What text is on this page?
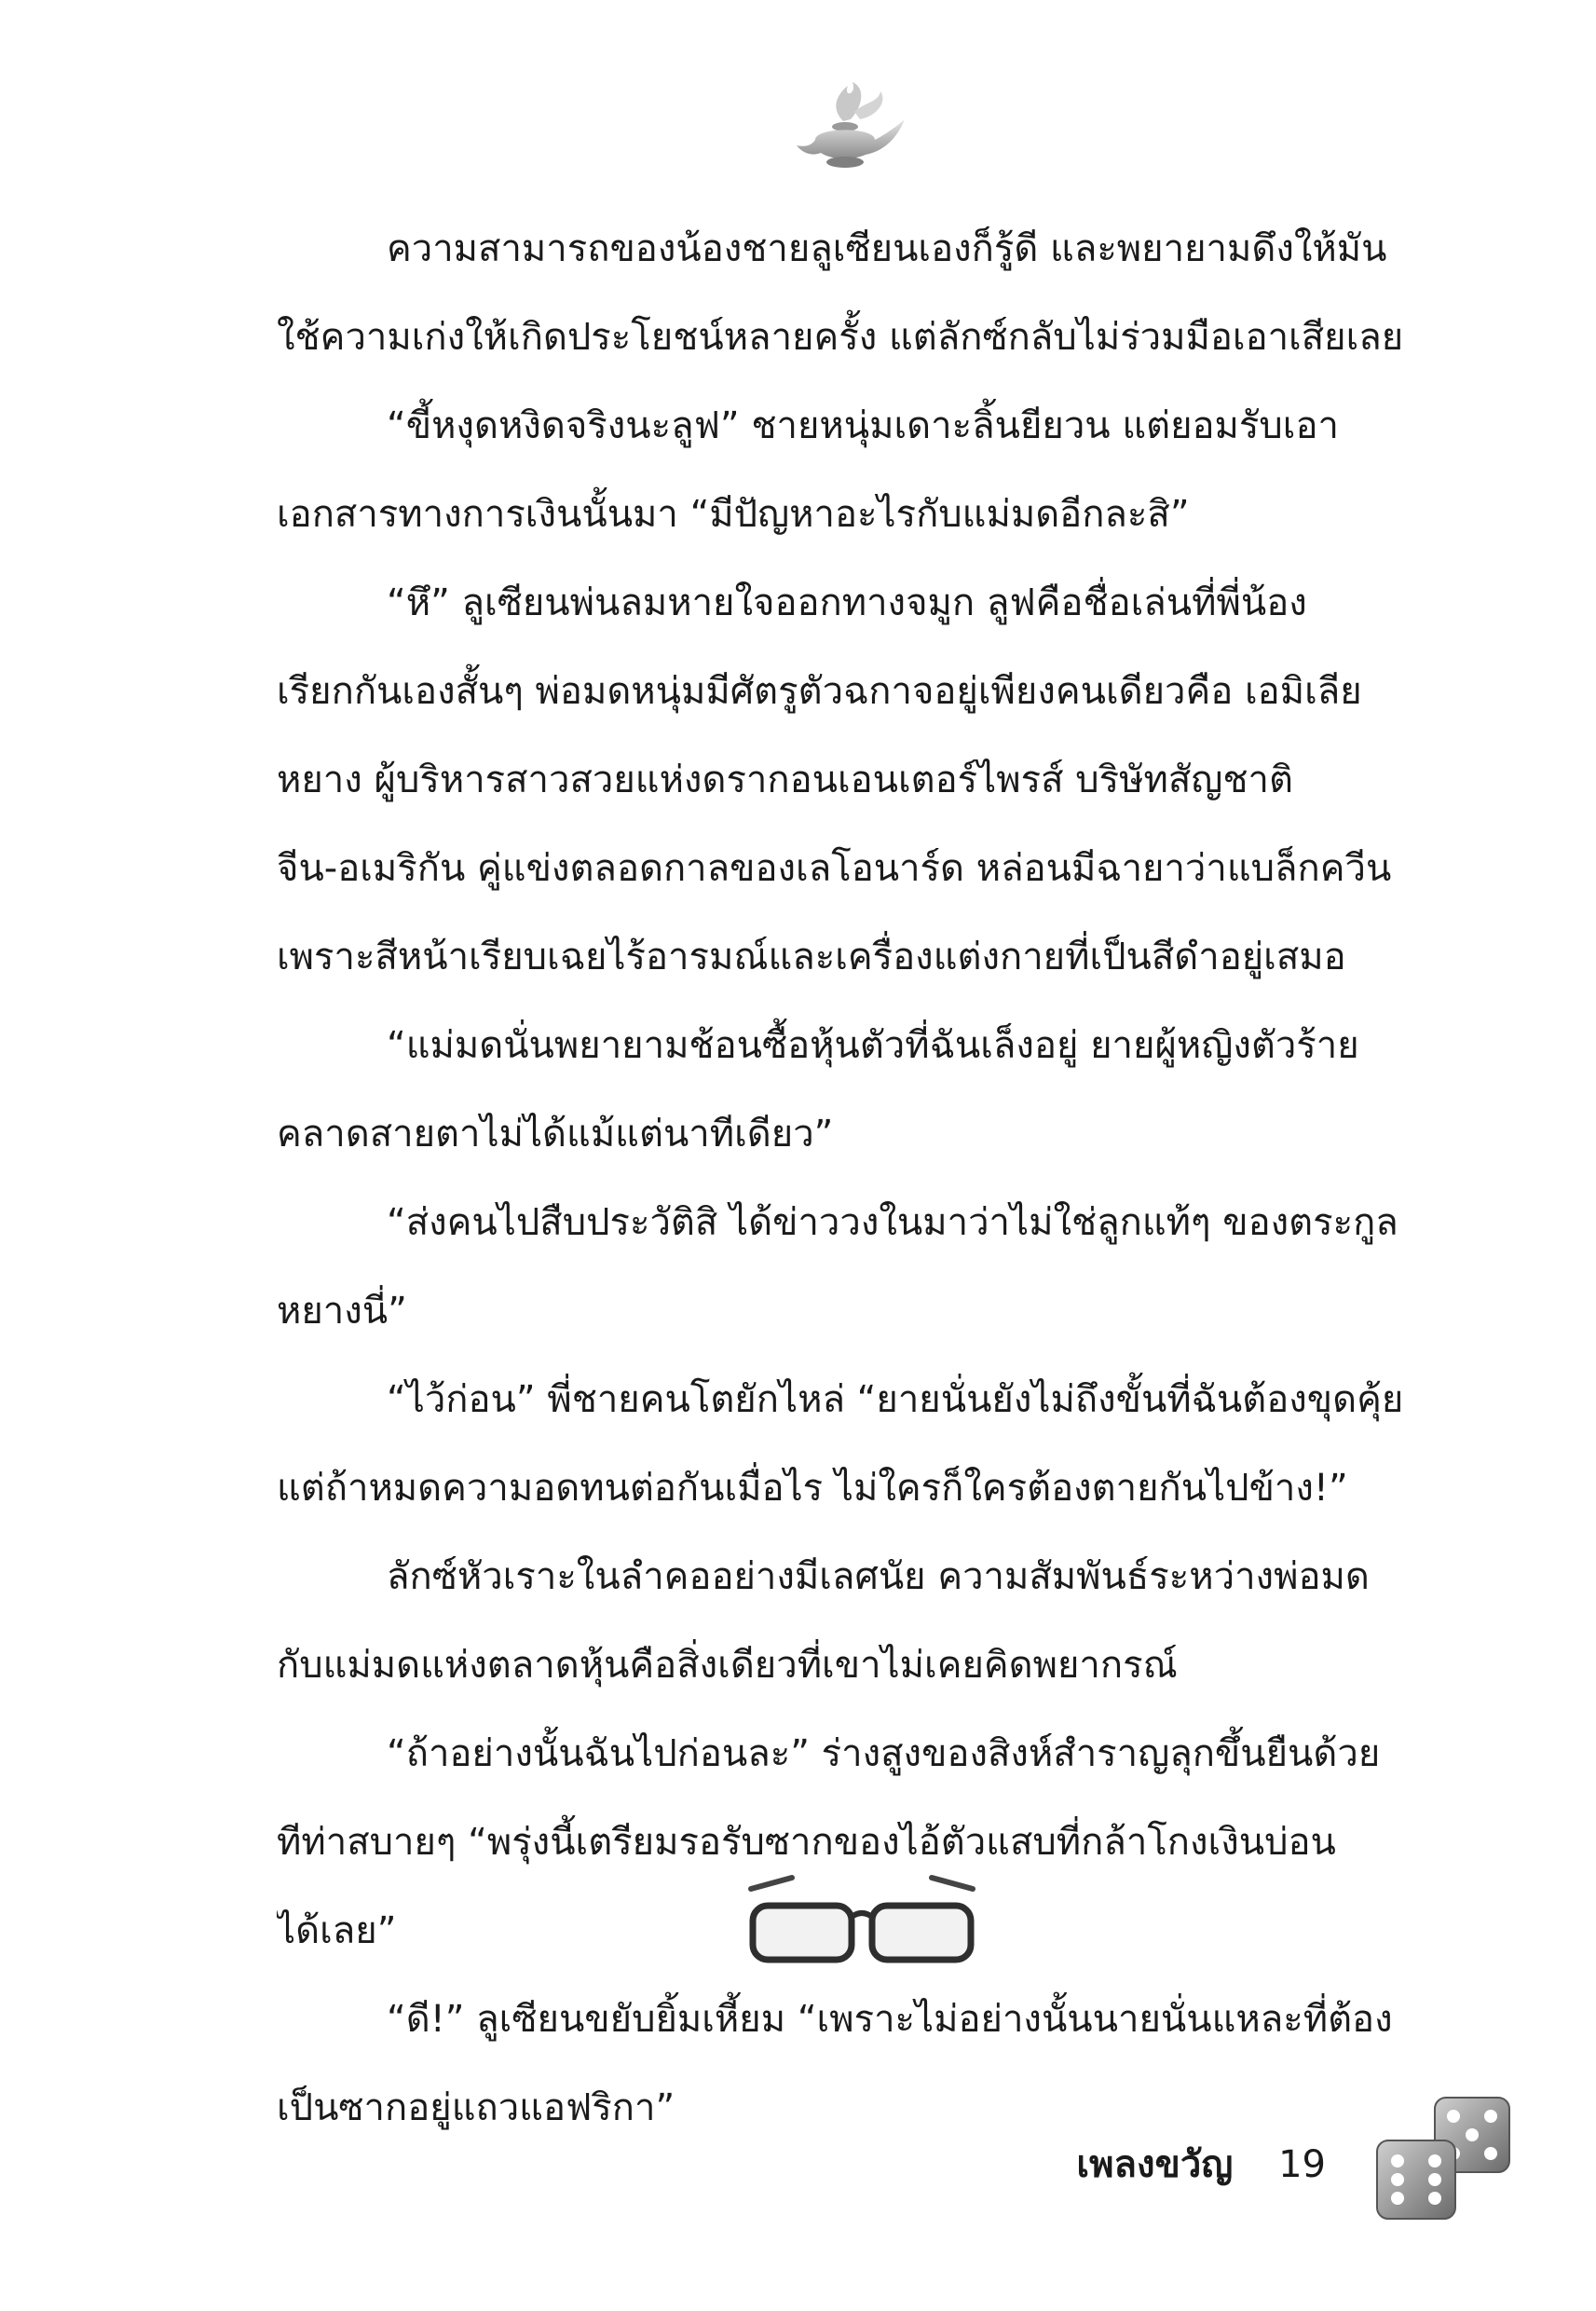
ความสามารถของน้องชายลูเซียนเองก็รู้ดี และพยายามดึงให้มัน
ใช้ความเก่งให้เกิดประโยชน์หลายครั้ง แต่ลักซ์กลับไม่ร่วมมือเอาเสียเลย

“ขี้หงุดหงิดจริงนะลูฟ” ชายหนุ่มเดาะลิ้นยียวน แต่ยอมรับเอา
เอกสารทางการเงินนั้นมา “มีปัญหาอะไรกับแม่มดอีกละสิ”

“หึ” ลูเซียนพ่นลมหายใจออกทางจมูก ลูฟคือชื่อเล่นที่พี่น้อง
เรียกกันเองสั้นๆ พ่อมดหนุ่มมีศัตรูตัวฉกาจอยู่เพียงคนเดียวคือ เอมิเลีย
หยาง ผู้บริหารสาวสวยแห่งดรากอนเอนเตอร์ไพรส์ บริษัทสัญชาติ
จีน-อเมริกัน คู่แข่งตลอดกาลของเลโอนาร์ด หล่อนมีฉายาว่าแบล็กควีน
เพราะสีหน้าเรียบเฉยไร้อารมณ์และเครื่องแต่งกายที่เป็นสีดำอยู่เสมอ

“แม่มดนั่นพยายามช้อนซื้อหุ้นตัวที่ฉันเล็งอยู่ ยายผู้หญิงตัวร้าย
คลาดสายตาไม่ได้แม้แต่นาทีเดียว”

“ส่งคนไปสืบประวัติสิ ได้ข่าววงในมาว่าไม่ใช่ลูกแท้ๆ ของตระกูล
หยางนี่”

“ไว้ก่อน” พี่ชายคนโตยักไหล่ “ยายนั่นยังไม่ถึงขั้นที่ฉันต้องขุดคุ้ย
แต่ถ้าหมดความอดทนต่อกันเมื่อไร ไม่ใครก็ใครต้องตายกันไปข้าง!”

ลักซ์หัวเราะในลำคออย่างมีเลศนัย ความสัมพันธ์ระหว่างพ่อมด
กับแม่มดแห่งตลาดหุ้นคือสิ่งเดียวที่เขาไม่เคยคิดพยากรณ์

“ถ้าอย่างนั้นฉันไปก่อนละ” ร่างสูงของสิงห์สำราญลุกขึ้นยืนด้วย
ทีท่าสบายๆ “พรุ่งนี้เตรียมรอรับซากของไอ้ตัวแสบที่กล้าโกงเงินบ่อน
ได้เลย”

“ดี!” ลูเซียนขยับยิ้มเหี้ยม “เพราะไม่อย่างนั้นนายนั่นแหละที่ต้อง
เป็นซากอยู่แถวแอฟริกา”

เพลงขวัญ 19
